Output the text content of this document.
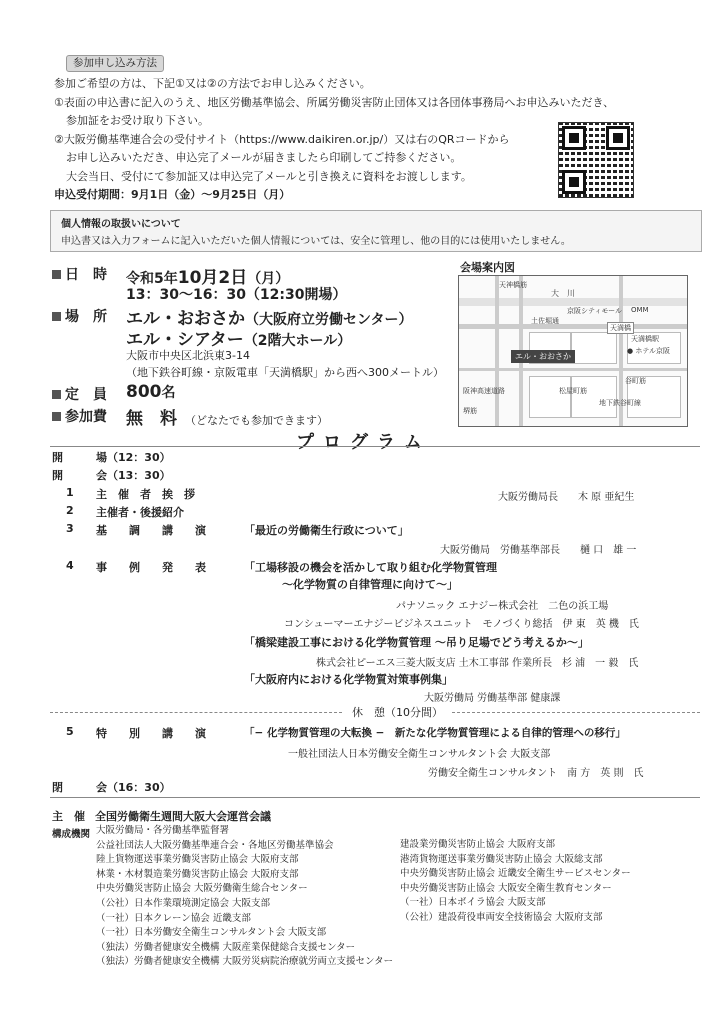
参加申し込み方法
参加ご希望の方は、下記①又は②の方法でお申し込みください。
①表面の申込書に記入のうえ、地区労働基準協会、所属労働災害防止団体又は各団体事務局へお申込みいただき、
参加証をお受け取り下さい。
②大阪労働基準連合会の受付サイト（https://www.daikiren.or.jp/）又は右のQRコードから
お申し込みいただき、申込完了メールが届きましたら印刷してご持参ください。
大会当日、受付にて参加証又は申込完了メールと引き換えに資料をお渡しします。
申込受付期間：9月1日（金）〜9月25日（月）
個人情報の取扱いについて
申込書又は入力フォームに記入いただいた個人情報については、安全に管理し、他の目的には使用いたしません。
日　時 令和5年10月2日（月）
13：30〜16：30（12:30開場）
場　所 エル・おおさか（大阪府立労働センター）
エル・シアター（2階大ホール）
大阪市中央区北浜東3-14
（地下鉄谷町線・京阪電車「天満橋駅」から西へ300メートル）
定　員 800名
参加費 無　料 （どなたでも参加できます）
会場案内図
大　川
天神橋筋
京阪シティモール OMM
土佐堀通
天満橋
天満橋駅
● ホテル京阪
エル・おおさか
松屋町筋
阪神高速道路
谷町筋
地下鉄谷町線
堺筋
プログラム
開　　　場（12：30）
開　　　会（13：30）
1 主　催　者　挨　拶	大阪労働局長　　木 原 亜紀生
2 主催者・後援紹介
3 基　　調　　講　　演	「最近の労働衛生行政について」
大阪労働局　労働基準部長　　樋 口　雄 一
4 事　　例　　発　　表	「工場移設の機会を活かして取り組む化学物質管理
〜化学物質の自律管理に向けて〜」
パナソニック エナジー株式会社　二色の浜工場
コンシューマーエナジービジネスユニット　モノづくり総括　伊 東　英 機　氏
「橋梁建設工事における化学物質管理 〜吊り足場でどう考えるか〜」
株式会社ピーエス三菱大阪支店 土木工事部 作業所長　杉 浦　一 毅　氏
「大阪府内における化学物質対策事例集」
大阪労働局 労働基準部 健康課
休　憩（10分間）
5 特　　別　　講　　演	「− 化学物質管理の大転換 −　新たな化学物質管理による自律的管理への移行」
一般社団法人日本労働安全衛生コンサルタント会 大阪支部
労働安全衛生コンサルタント　南 方　英 則　氏
閉　　　会（16：30）
主　催 全国労働衛生週間大阪大会運営会議
構成機関 大阪労働局・各労働基準監督署
公益社団法人大阪労働基準連合会・各地区労働基準協会
陸上貨物運送事業労働災害防止協会 大阪府支部
林業・木材製造業労働災害防止協会 大阪府支部
中央労働災害防止協会 大阪労働衛生総合センター
（公社）日本作業環境測定協会 大阪支部
（一社）日本クレーン協会 近畿支部
（一社）日本労働安全衛生コンサルタント会 大阪支部
（独法）労働者健康安全機構 大阪産業保健総合支援センター
（独法）労働者健康安全機構 大阪労災病院治療就労両立支援センター
建設業労働災害防止協会 大阪府支部
港湾貨物運送事業労働災害防止協会 大阪総支部
中央労働災害防止協会 近畿安全衛生サービスセンター
中央労働災害防止協会 大阪安全衛生教育センター
（一社）日本ボイラ協会 大阪支部
（公社）建設荷役車両安全技術協会 大阪府支部
